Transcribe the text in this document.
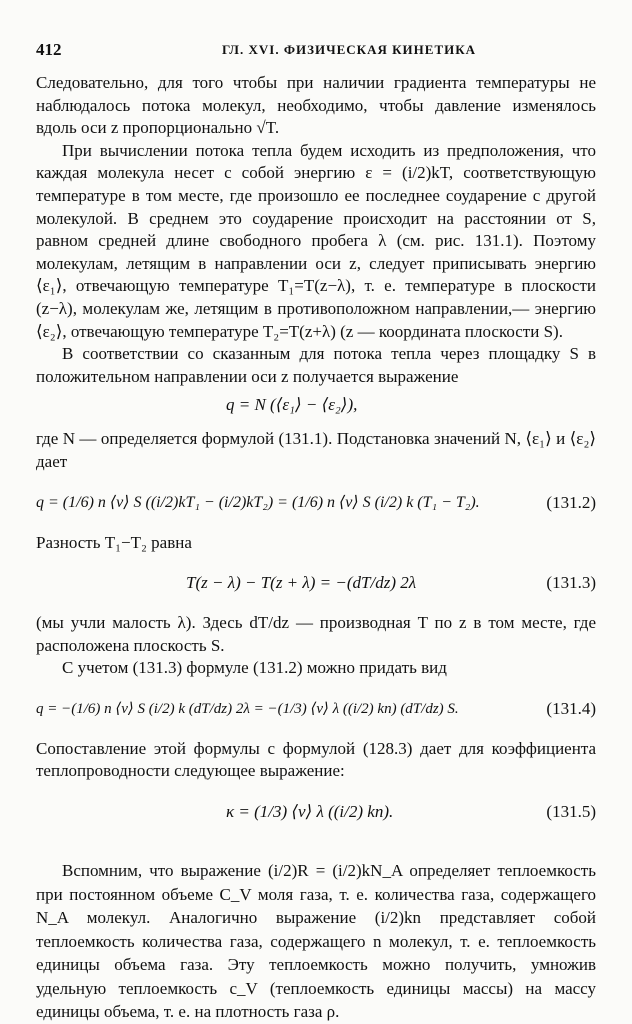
412	ГЛ. XVI. ФИЗИЧЕСКАЯ КИНЕТИКА

Следовательно, для того чтобы при наличии градиента температуры не наблюдалось потока молекул, необходимо, чтобы давление изменялось вдоль оси z пропорционально √T.

При вычислении потока тепла будем исходить из предположения, что каждая молекула несет с собой энергию ε = (i/2)kT, соответствующую температуре в том месте, где произошло ее последнее соударение с другой молекулой. В среднем это соударение происходит на расстоянии от S, равном средней длине свободного пробега λ (см. рис. 131.1). Поэтому молекулам, летящим в направлении оси z, следует приписывать энергию ⟨ε₁⟩, отвечающую температуре T₁=T(z−λ), т. е. температуре в плоскости (z−λ), молекулам же, летящим в противоположном направлении,— энергию ⟨ε₂⟩, отвечающую температуре T₂=T(z+λ) (z — координата плоскости S).

В соответствии со сказанным для потока тепла через площадку S в положительном направлении оси z получается выражение

q = N (⟨ε₁⟩ − ⟨ε₂⟩),

где N — определяется формулой (131.1). Подстановка значений N, ⟨ε₁⟩ и ⟨ε₂⟩ дает

q = (1/6) n ⟨v⟩ S ((i/2)kT₁ − (i/2)kT₂) = (1/6) n ⟨v⟩ S (i/2) k (T₁ − T₂).	(131.2)

Разность T₁−T₂ равна

T(z − λ) − T(z + λ) = −(dT/dz) 2λ	(131.3)

(мы учли малость λ). Здесь dT/dz — производная T по z в том месте, где расположена плоскость S.

С учетом (131.3) формуле (131.2) можно придать вид

q = −(1/6) n ⟨v⟩ S (i/2) k (dT/dz) 2λ = −(1/3) ⟨v⟩ λ ((i/2) kn) (dT/dz) S.	(131.4)

Сопоставление этой формулы с формулой (128.3) дает для коэффициента теплопроводности следующее выражение:

κ = (1/3) ⟨v⟩ λ ((i/2) kn).	(131.5)

Вспомним, что выражение (i/2)R = (i/2)kN_A определяет теплоемкость при постоянном объеме C_V моля газа, т. е. количества газа, содержащего N_A молекул. Аналогично выражение (i/2)kn представляет собой теплоемкость количества газа, содержащего n молекул, т. е. теплоемкость единицы объема газа. Эту теплоемкость можно получить, умножив удельную теплоемкость c_V (теплоемкость единицы массы) на массу единицы объема, т. е. на плотность газа ρ.
